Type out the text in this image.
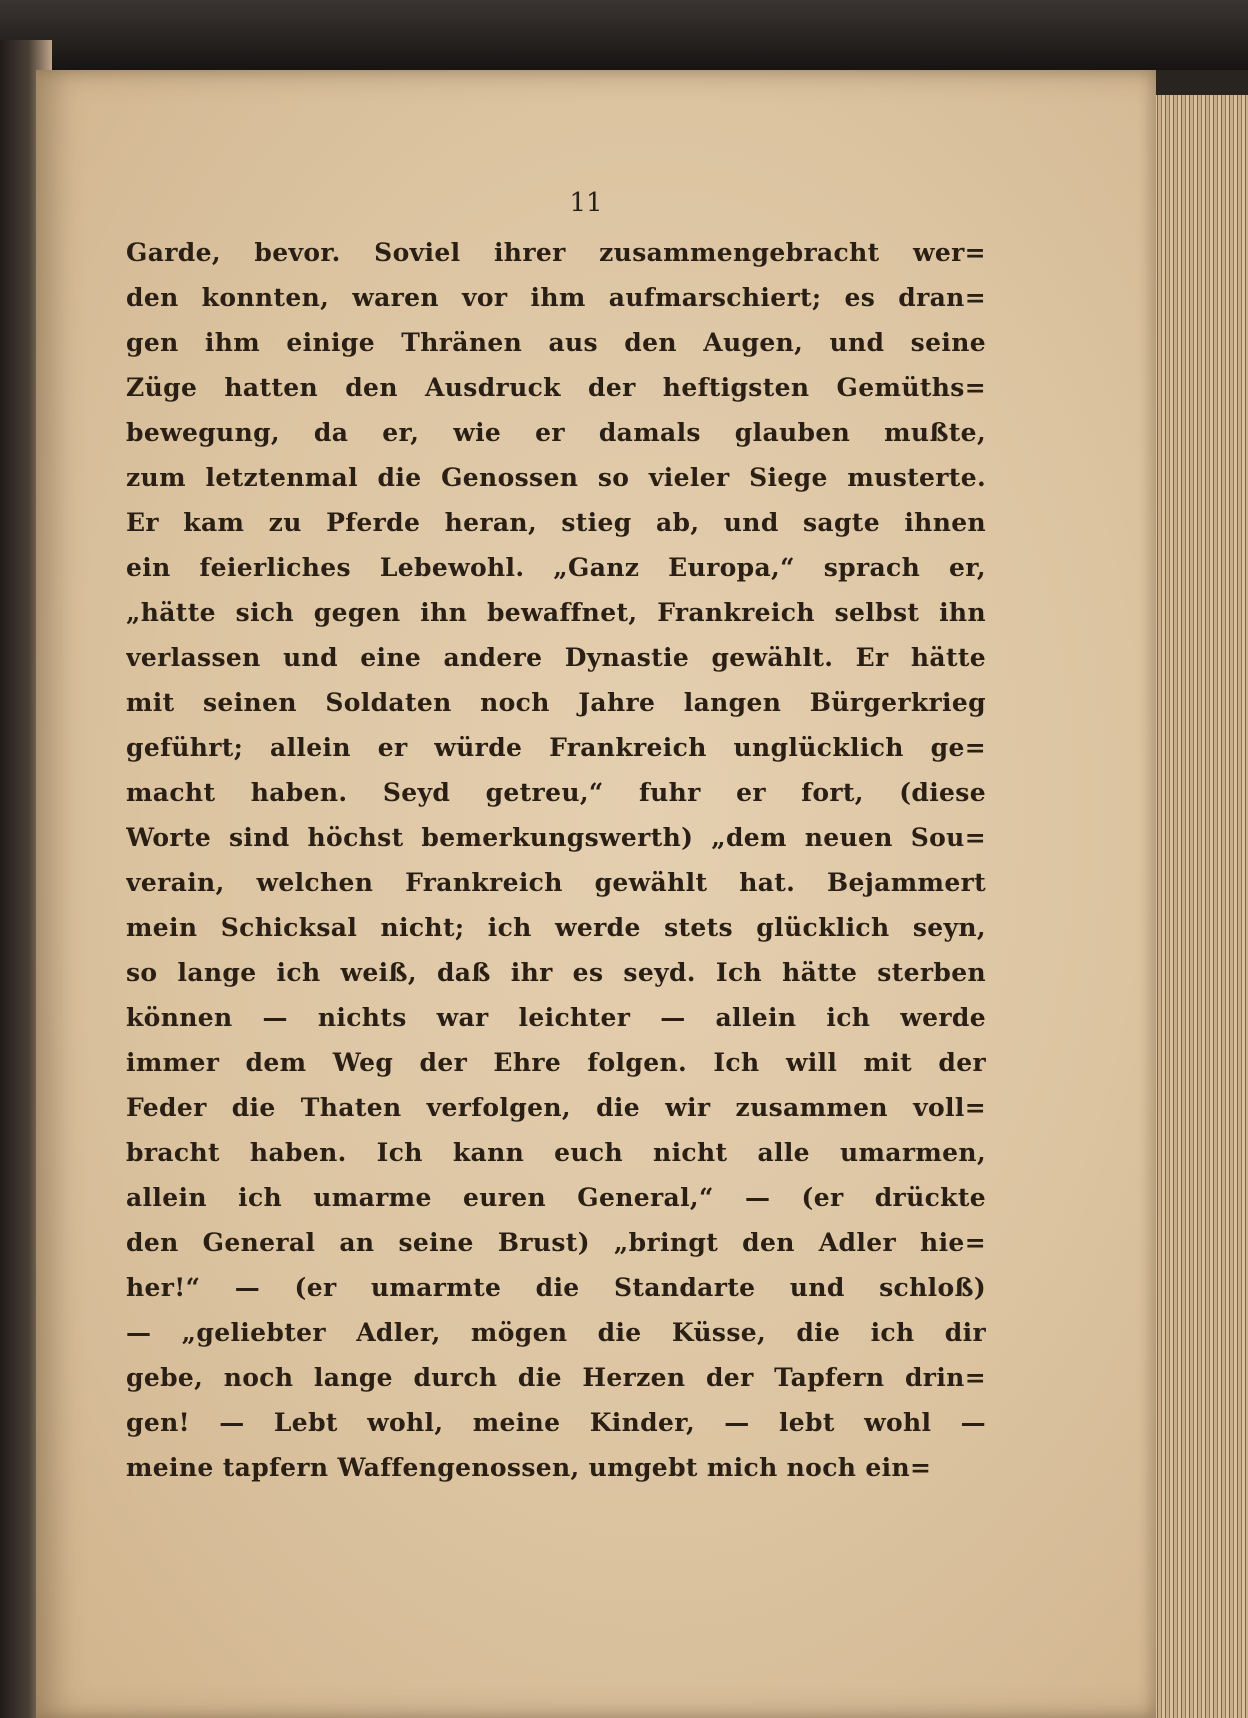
11
Garde, bevor. Soviel ihrer zusammengebracht wer=
den konnten, waren vor ihm aufmarschiert; es dran=
gen ihm einige Thränen aus den Augen, und seine
Züge hatten den Ausdruck der heftigsten Gemüths=
bewegung, da er, wie er damals glauben mußte,
zum letztenmal die Genossen so vieler Siege musterte.
Er kam zu Pferde heran, stieg ab, und sagte ihnen
ein feierliches Lebewohl. „Ganz Europa,“ sprach er,
„hätte sich gegen ihn bewaffnet, Frankreich selbst ihn
verlassen und eine andere Dynastie gewählt. Er hätte
mit seinen Soldaten noch Jahre langen Bürgerkrieg
geführt; allein er würde Frankreich unglücklich ge=
macht haben. Seyd getreu,“ fuhr er fort, (diese
Worte sind höchst bemerkungswerth) „dem neuen Sou=
verain, welchen Frankreich gewählt hat. Bejammert
mein Schicksal nicht; ich werde stets glücklich seyn,
so lange ich weiß, daß ihr es seyd. Ich hätte sterben
können — nichts war leichter — allein ich werde
immer dem Weg der Ehre folgen. Ich will mit der
Feder die Thaten verfolgen, die wir zusammen voll=
bracht haben. Ich kann euch nicht alle umarmen,
allein ich umarme euren General,“ — (er drückte
den General an seine Brust) „bringt den Adler hie=
her!“ — (er umarmte die Standarte und schloß)
— „geliebter Adler, mögen die Küsse, die ich dir
gebe, noch lange durch die Herzen der Tapfern drin=
gen! — Lebt wohl, meine Kinder, — lebt wohl —
meine tapfern Waffengenossen, umgebt mich noch ein=
